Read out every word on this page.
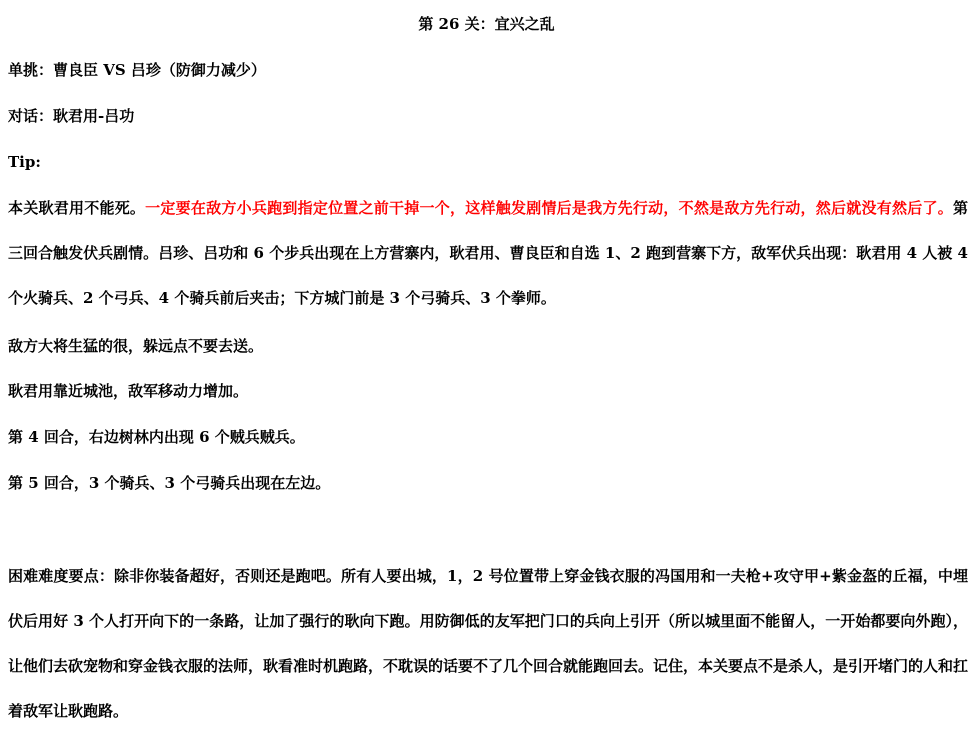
第 26 关：宜兴之乱
单挑：曹良臣 VS 吕珍（防御力减少）
对话：耿君用-吕功
Tip:
本关耿君用不能死。一定要在敌方小兵跑到指定位置之前干掉一个，这样触发剧情后是我方先行动，不然是敌方先行动，然后就没有然后了。第三回合触发伏兵剧情。吕珍、吕功和 6 个步兵出现在上方营寨内，耿君用、曹良臣和自选 1、2 跑到营寨下方，敌军伏兵出现：耿君用 4 人被 4 个火骑兵、2 个弓兵、4 个骑兵前后夹击；下方城门前是 3 个弓骑兵、3 个拳师。
敌方大将生猛的很，躲远点不要去送。
耿君用靠近城池，敌军移动力增加。
第 4 回合，右边树林内出现 6 个贼兵贼兵。
第 5 回合，3 个骑兵、3 个弓骑兵出现在左边。
困难难度要点：除非你装备超好，否则还是跑吧。所有人要出城，1，2 号位置带上穿金钱衣服的冯国用和一夫枪+攻守甲+紫金盔的丘福，中埋伏后用好 3 个人打开向下的一条路，让加了强行的耿向下跑。用防御低的友军把门口的兵向上引开（所以城里面不能留人，一开始都要向外跑），让他们去砍宠物和穿金钱衣服的法师，耿看准时机跑路，不耽误的话要不了几个回合就能跑回去。记住，本关要点不是杀人，是引开堵门的人和扛着敌军让耿跑路。
